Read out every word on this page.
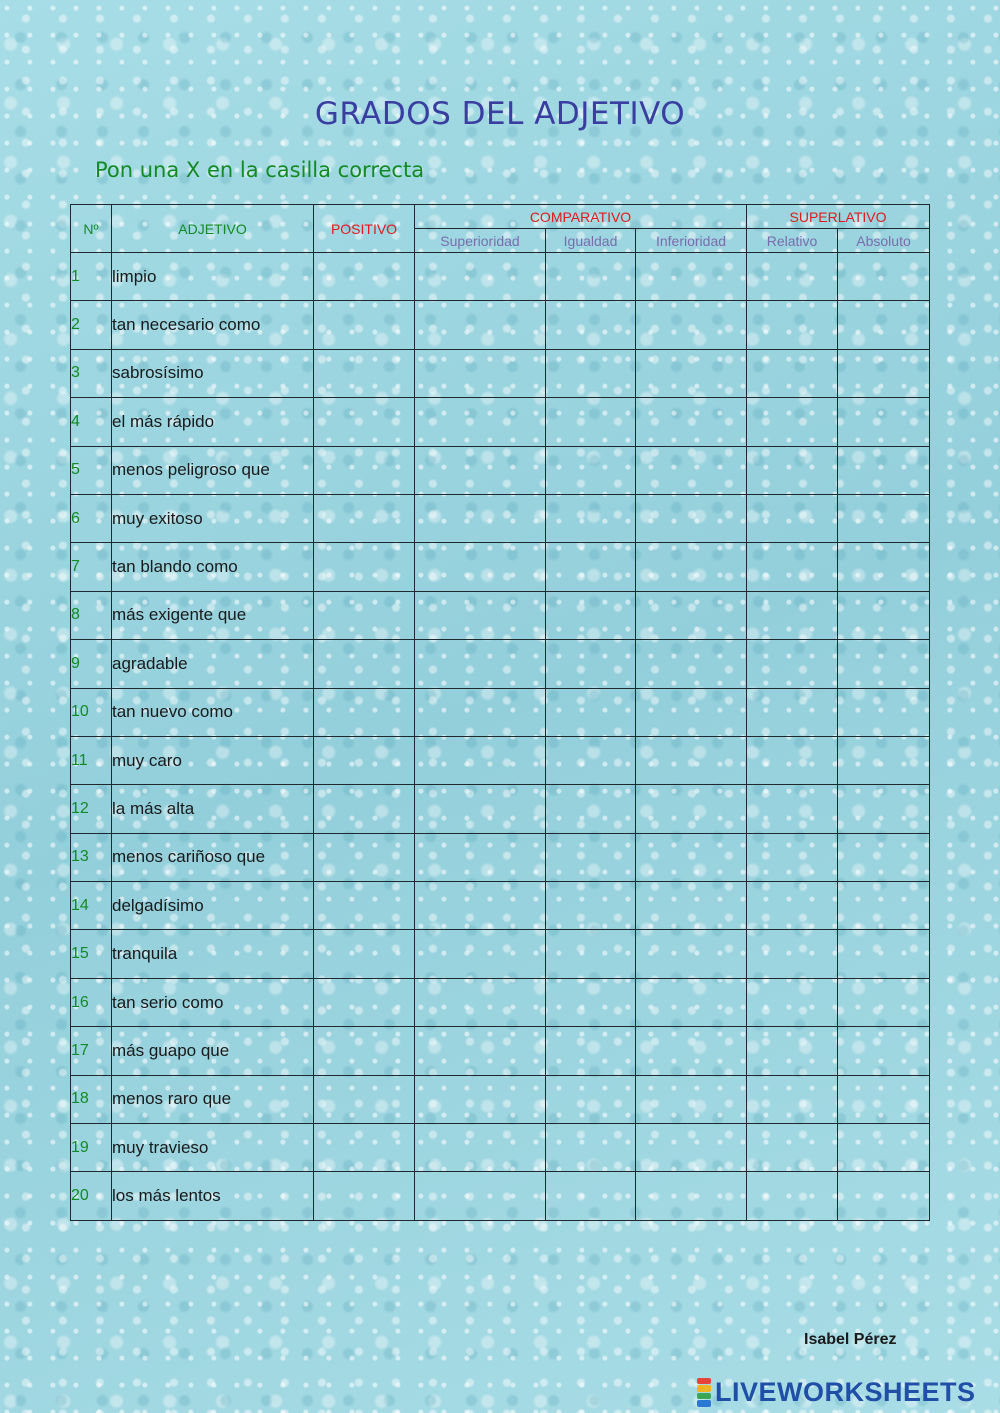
GRADOS DEL ADJETIVO
Pon una X en la casilla correcta
Nº	ADJETIVO	POSITIVO	COMPARATIVO			SUPERLATIVO	
			Superioridad	Igualdad	Inferioridad	Relativo	Absoluto
1	limpio						
2	tan necesario como						
3	sabrosísimo						
4	el más rápido						
5	menos peligroso que						
6	muy exitoso						
7	tan blando como						
8	más exigente que						
9	agradable						
10	tan nuevo como						
11	muy caro						
12	la más alta						
13	menos cariñoso que						
14	delgadísimo						
15	tranquila						
16	tan serio como						
17	más guapo que						
18	menos raro que						
19	muy travieso						
20	los más lentos						
Isabel Pérez
LIVEWORKSHEETS
